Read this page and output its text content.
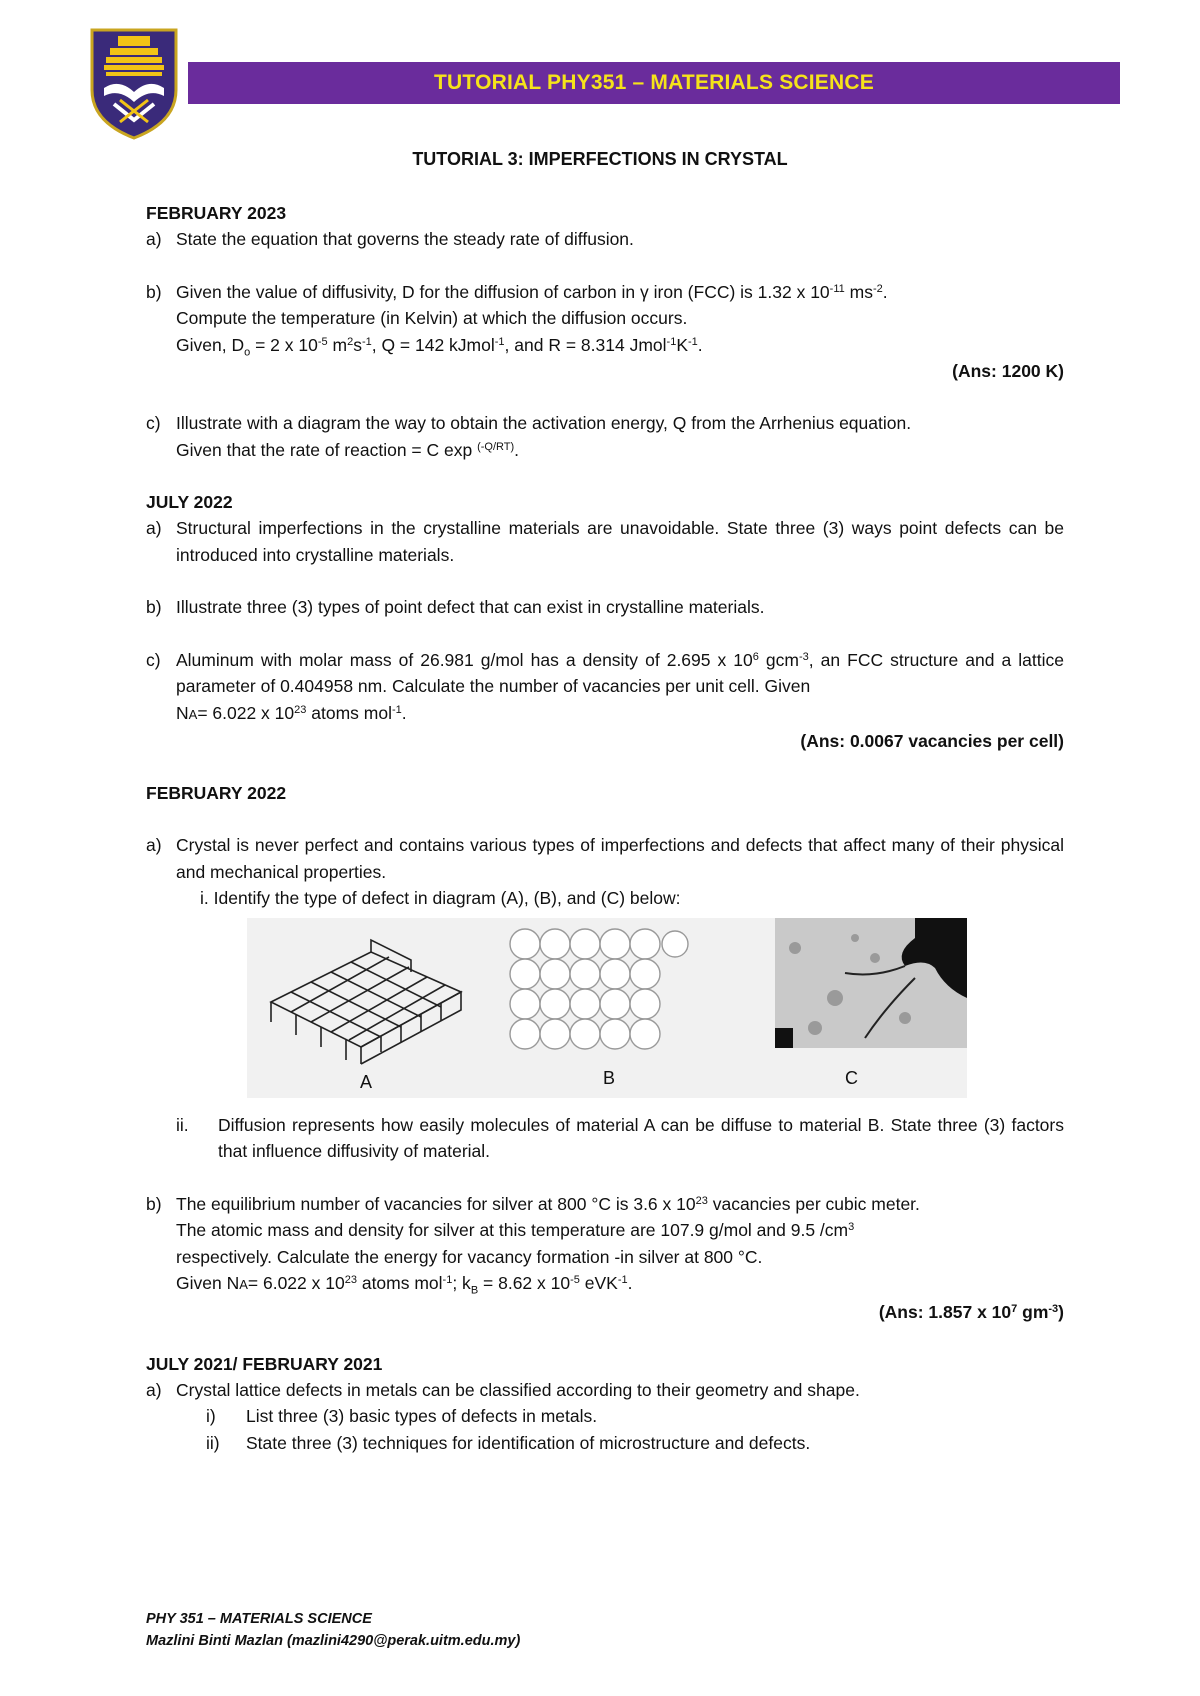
TUTORIAL PHY351 – MATERIALS SCIENCE
TUTORIAL 3: IMPERFECTIONS IN CRYSTAL
FEBRUARY 2023
a) State the equation that governs the steady rate of diffusion.
b) Given the value of diffusivity, D for the diffusion of carbon in γ iron (FCC) is 1.32 x $10^{-11}$ $ms^{-2}$.
Compute the temperature (in Kelvin) at which the diffusion occurs.
Given, $D_o = 2$ x $10^{-5}$ $m^2s^{-1}$, Q = 142 kJmol$^{-1}$, and R = 8.314 $Jmol^{-1}K^{-1}$.
(Ans: 1200 K)
c) Illustrate with a diagram the way to obtain the activation energy, Q from the Arrhenius equation.
Given that the rate of reaction = C exp $^{(-Q/RT)}$.
JULY 2022
a) Structural imperfections in the crystalline materials are unavoidable. State three (3) ways point defects can be introduced into crystalline materials.
b) Illustrate three (3) types of point defect that can exist in crystalline materials.
c) Aluminum with molar mass of 26.981 g/mol has a density of 2.695 x $10^6$ gcm$^{-3}$, an FCC structure and a lattice parameter of 0.404958 nm. Calculate the number of vacancies per unit cell. Given
NA= 6.022 x $10^{23}$ atoms mol$^{-1}$.
(Ans: 0.0067 vacancies per cell)
FEBRUARY 2022
a) Crystal is never perfect and contains various types of imperfections and defects that affect many of their physical and mechanical properties.
i. Identify the type of defect in diagram (A), (B), and (C) below:
A	B	C
ii.	Diffusion represents how easily molecules of material A can be diffuse to material B. State three (3) factors that influence diffusivity of material.
b) The equilibrium number of vacancies for silver at 800 °C is 3.6 x $10^{23}$ vacancies per cubic meter.
The atomic mass and density for silver at this temperature are 107.9 g/mol and 9.5 $/cm^3$
respectively. Calculate the energy for vacancy formation -in silver at 800 °C.
Given NA= 6.022 x $10^{23}$ atoms mol$^{-1}$; $k_B = 8.62$ x $10^{-5}$ eVK$^{-1}$.
(Ans: 1.857 x $10^7$ $gm^{-3}$)
JULY 2021/ FEBRUARY 2021
a) Crystal lattice defects in metals can be classified according to their geometry and shape.
i)	List three (3) basic types of defects in metals.
ii)	State three (3) techniques for identification of microstructure and defects.
PHY 351 – MATERIALS SCIENCE
Mazlini Binti Mazlan (mazlini4290@perak.uitm.edu.my)
